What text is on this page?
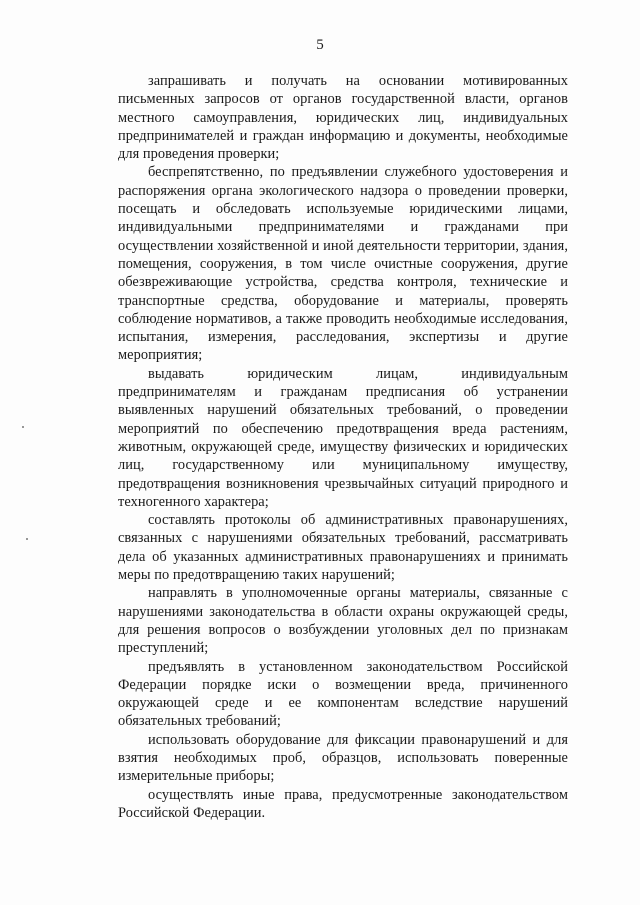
5

запрашивать и получать на основании мотивированных письменных запросов от органов государственной власти, органов местного самоуправления, юридических лиц, индивидуальных предпринимателей и граждан информацию и документы, необходимые для проведения проверки;

беспрепятственно, по предъявлении служебного удостоверения и распоряжения органа экологического надзора о проведении проверки, посещать и обследовать используемые юридическими лицами, индивидуальными предпринимателями и гражданами при осуществлении хозяйственной и иной деятельности территории, здания, помещения, сооружения, в том числе очистные сооружения, другие обезвреживающие устройства, средства контроля, технические и транспортные средства, оборудование и материалы, проверять соблюдение нормативов, а также проводить необходимые исследования, испытания, измерения, расследования, экспертизы и другие мероприятия;

выдавать юридическим лицам, индивидуальным предпринимателям и гражданам предписания об устранении выявленных нарушений обязательных требований, о проведении мероприятий по обеспечению предотвращения вреда растениям, животным, окружающей среде, имуществу физических и юридических лиц, государственному или муниципальному имуществу, предотвращения возникновения чрезвычайных ситуаций природного и техногенного характера;

составлять протоколы об административных правонарушениях, связанных с нарушениями обязательных требований, рассматривать дела об указанных административных правонарушениях и принимать меры по предотвращению таких нарушений;

направлять в уполномоченные органы материалы, связанные с нарушениями законодательства в области охраны окружающей среды, для решения вопросов о возбуждении уголовных дел по признакам преступлений;

предъявлять в установленном законодательством Российской Федерации порядке иски о возмещении вреда, причиненного окружающей среде и ее компонентам вследствие нарушений обязательных требований;

использовать оборудование для фиксации правонарушений и для взятия необходимых проб, образцов, использовать поверенные измерительные приборы;

осуществлять иные права, предусмотренные законодательством Российской Федерации.
